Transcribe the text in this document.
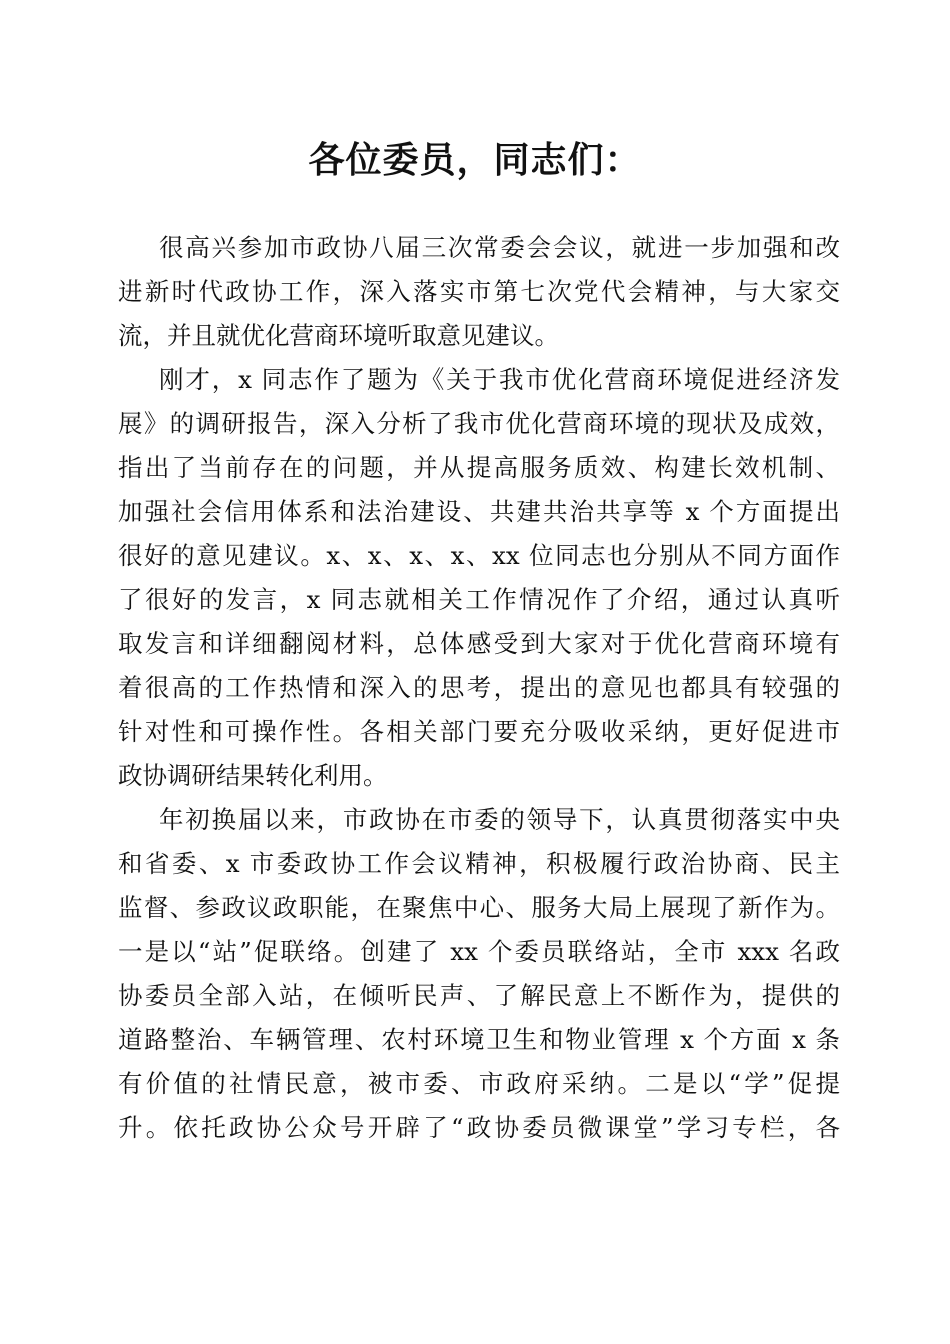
各位委员，同志们：
很高兴参加市政协八届三次常委会会议，就进一步加强和改
进新时代政协工作，深入落实市第七次党代会精神，与大家交
流，并且就优化营商环境听取意见建议。
刚才，x 同志作了题为《关于我市优化营商环境促进经济发
展》的调研报告，深入分析了我市优化营商环境的现状及成效，
指出了当前存在的问题，并从提高服务质效、构建长效机制、
加强社会信用体系和法治建设、共建共治共享等 x 个方面提出
很好的意见建议。x、x、x、x、xx 位同志也分别从不同方面作
了很好的发言，x 同志就相关工作情况作了介绍，通过认真听
取发言和详细翻阅材料，总体感受到大家对于优化营商环境有
着很高的工作热情和深入的思考，提出的意见也都具有较强的
针对性和可操作性。各相关部门要充分吸收采纳，更好促进市
政协调研结果转化利用。
年初换届以来，市政协在市委的领导下，认真贯彻落实中央
和省委、x 市委政协工作会议精神，积极履行政治协商、民主
监督、参政议政职能，在聚焦中心、服务大局上展现了新作为。
一是以“站”促联络。创建了 xx 个委员联络站，全市 xxx 名政
协委员全部入站，在倾听民声、了解民意上不断作为，提供的
道路整治、车辆管理、农村环境卫生和物业管理 x 个方面 x 条
有价值的社情民意，被市委、市政府采纳。二是以“学”促提
升。依托政协公众号开辟了“政协委员微课堂”学习专栏，各
